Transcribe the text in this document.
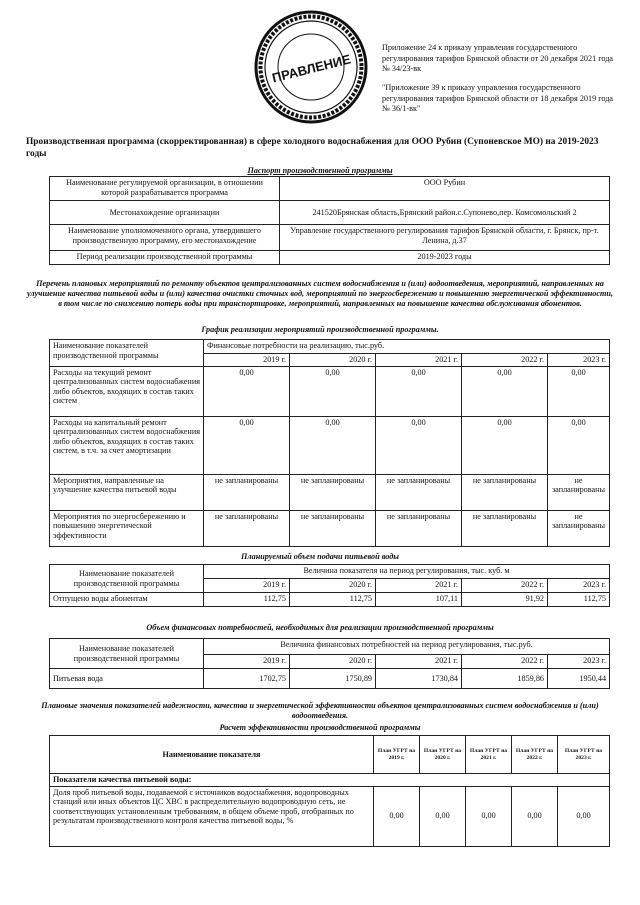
ПРАВЛЕНИЕ
Приложение 24 к приказу управления государственного регулирования тарифов Брянской области от 20 декабря 2021 года № 34/23-вк
"Приложение 39 к приказу управления государственного регулирования тарифов Брянской области от 18 декабря 2019 года № 36/1-вк"
Производственная программа (скорректированная) в сфере холодного водоснабжения для ООО Рубин (Супоневское МО) на 2019-2023 годы
Паспорт производственной программы
Наименование регулируемой организации, в отношении которой разрабатывается программа	ООО Рубин
Местонахождение организации	241520Брянская область,Брянский район.с.Супонево,пер. Комсомольский 2
Наименование уполномоченного органа, утвердившего производственную программу, его местонахождение	Управление государственного регулирования тарифов Брянской области, г. Брянск, пр-т. Ленина, д.37
Период реализации производственной программы	2019-2023 годы
Перечень плановых мероприятий по ремонту объектов централизованных систем водоснабжения и (или) водоотведения, мероприятий, направленных на улучшение качества питьевой воды и (или) качества очистки сточных вод, мероприятий по энергосбережению и повышению энергетической эффективности, в том числе по снижению потерь воды при транспортировке, мероприятий, направленных на повышение качества обслуживания абонентов.
График реализации мероприятий производственной программы.
Наименование показателей производственной программы	Финансовые потребности на реализацию, тыс.руб.				
	2019 г.	2020 г.	2021 г.	2022 г.	2023 г.
Расходы на текущий ремонт централизованных систем водоснабжения либо объектов, входящих в состав таких систем	0,00	0,00	0,00	0,00	0,00
Расходы на капитальный ремонт централизованных систем водоснабжения либо объектов, входящих в состав таких систем, в т.ч. за счет амортизации	0,00	0,00	0,00	0,00	0,00
Мероприятия, направленные на улучшение качества питьевой воды	не запланированы	не запланированы	не запланированы	не запланированы	не запланированы
Мероприятия по энергосбережению и повышению энергетической эффективности	не запланированы	не запланированы	не запланированы	не запланированы	не запланированы
Планируемый объем подачи питьевой воды
Наименование показателей производственной программы	Величина показателя на период регулирования, тыс. куб. м				
	2019 г.	2020 г.	2021 г.	2022 г.	2023 г.
Отпущено воды абонентам	112,75	112,75	107,11	91,92	112,75
Объем финансовых потребностей, необходимых для реализации производственной программы
Наименование показателей производственной программы	Величина финансовых потребностей на период регулирования, тыс.руб.				
	2019 г.	2020 г.	2021 г.	2022 г.	2023 г.
Питьевая вода	1702,75	1750,89	1730,84	1859,86	1950,44
Плановые значения показателей надежности, качества и энергетической эффективности объектов централизованных систем водоснабжения и (или) водоотведения.
Расчет эффективности производственной программы
Наименование показателя	План УГРТ на 2019 г.	План УГРТ на 2020 г.	План УГРТ на 2021 г.	План УГРТ на 2022 г.	План УГРТ на 2023 г.
Показатели качества питьевой воды:					
Доля проб питьевой воды, подаваемой с источников водоснабжения, водопроводных станций или иных объектов ЦС ХВС в распределительную водопроводную сеть, не соответствующих установленным требованиям, в общем объеме проб, отобранных по результатам производственного контроля качества питьевой воды, %	0,00	0,00	0,00	0,00	0,00
